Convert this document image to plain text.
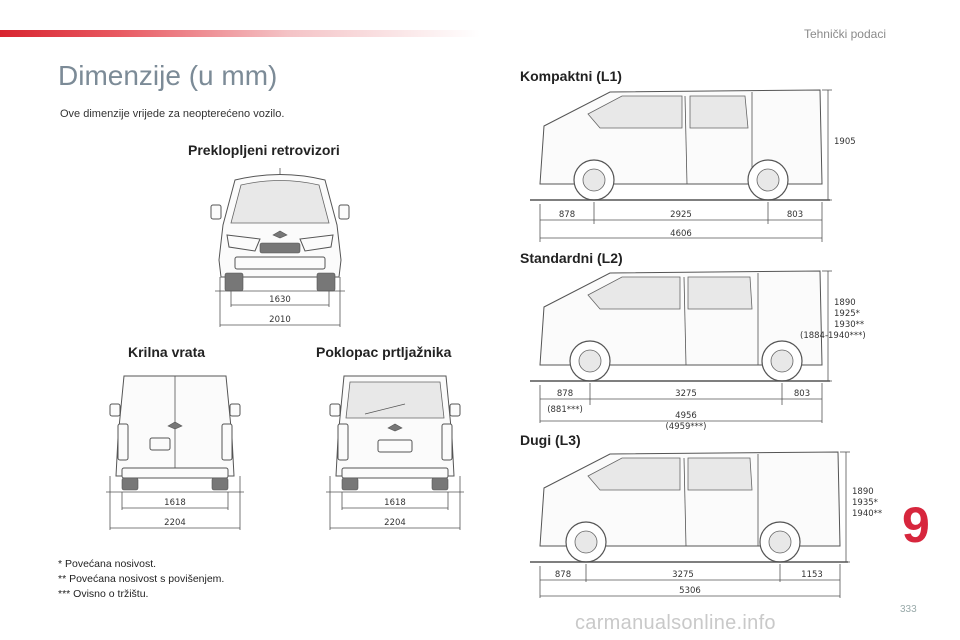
Tehnički podaci
Dimenzije (u mm)
Ove dimenzije vrijede za neopterećeno vozilo.
Preklopljeni retrovizori
1630
2010
Krilna vrata
1618
2204
Poklopac prtljažnika
1618
2204
Kompaktni (L1)
878	2925	803
4606
1905
Standardni (L2)
878
(881***)
3275	803
4956
(4959***)
1890
1925*
1930**
(1884-1940***)
Dugi (L3)
878	3275	1153
5306
1890
1935*
1940**
* Povećana nosivost.
** Povećana nosivost s povišenjem.
*** Ovisno o tržištu.
9
333
carmanualsonline.info
